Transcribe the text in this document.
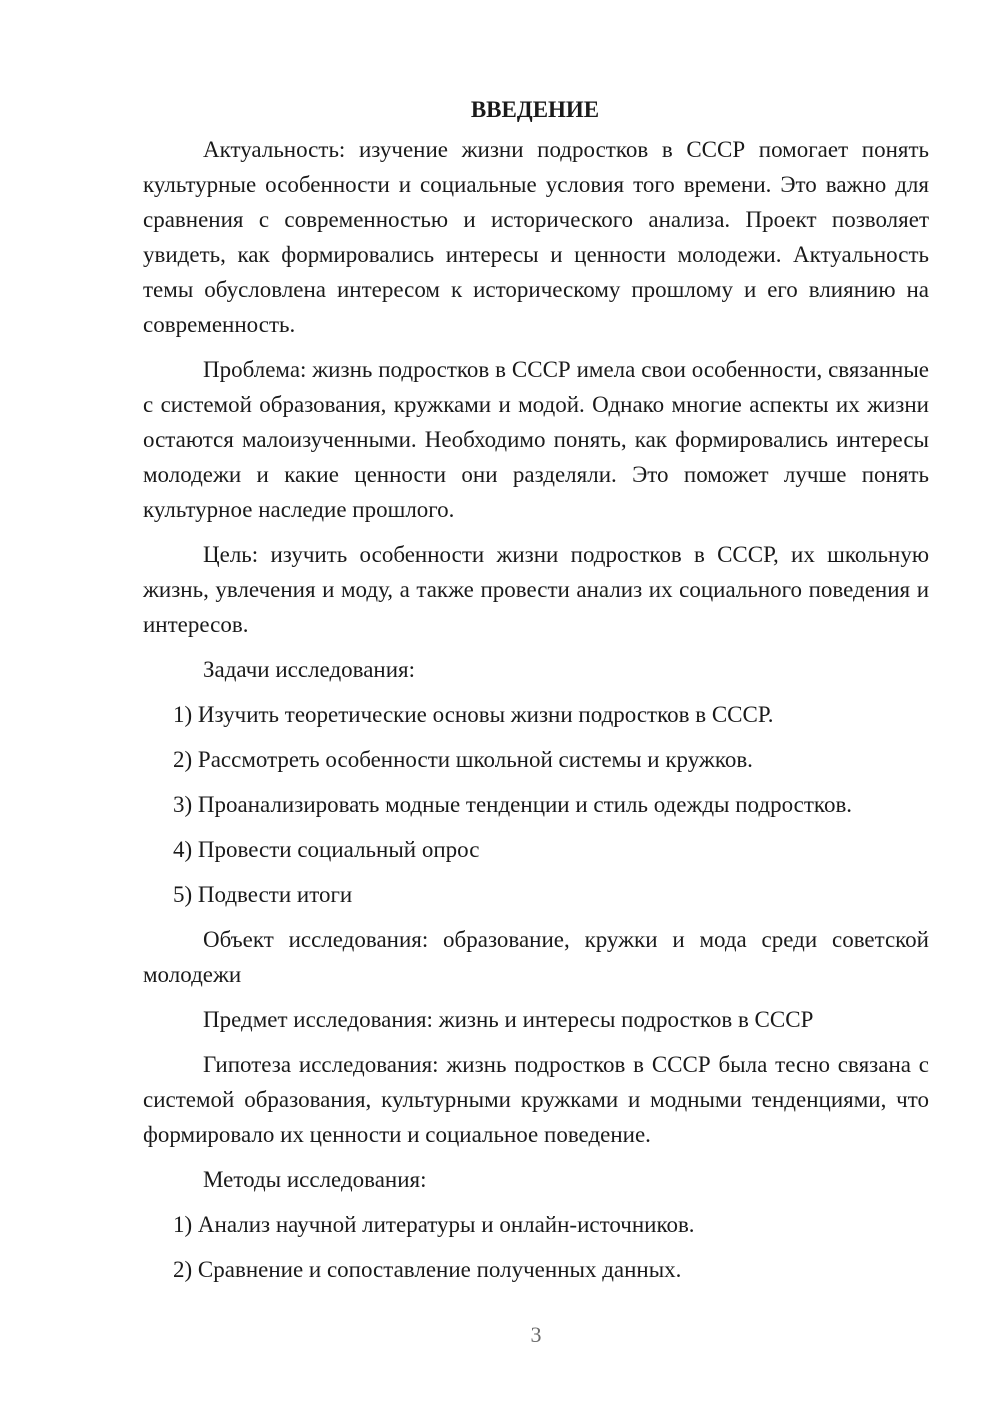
ВВЕДЕНИЕ

Актуальность: изучение жизни подростков в СССР помогает понять культурные особенности и социальные условия того времени. Это важно для сравнения с современностью и исторического анализа. Проект позволяет увидеть, как формировались интересы и ценности молодежи. Актуальность темы обусловлена интересом к историческому прошлому и его влиянию на современность.

Проблема: жизнь подростков в СССР имела свои особенности, связанные с системой образования, кружками и модой. Однако многие аспекты их жизни остаются малоизученными. Необходимо понять, как формировались интересы молодежи и какие ценности они разделяли. Это поможет лучше понять культурное наследие прошлого.

Цель: изучить особенности жизни подростков в СССР, их школьную жизнь, увлечения и моду, а также провести анализ их социального поведения и интересов.

Задачи исследования:

1) Изучить теоретические основы жизни подростков в СССР.
2) Рассмотреть особенности школьной системы и кружков.
3) Проанализировать модные тенденции и стиль одежды подростков.
4) Провести социальный опрос
5) Подвести итоги

Объект исследования: образование, кружки и мода среди советской молодежи

Предмет исследования: жизнь и интересы подростков в СССР

Гипотеза исследования: жизнь подростков в СССР была тесно связана с системой образования, культурными кружками и модными тенденциями, что формировало их ценности и социальное поведение.

Методы исследования:

1) Анализ научной литературы и онлайн-источников.
2) Сравнение и сопоставление полученных данных.
3
